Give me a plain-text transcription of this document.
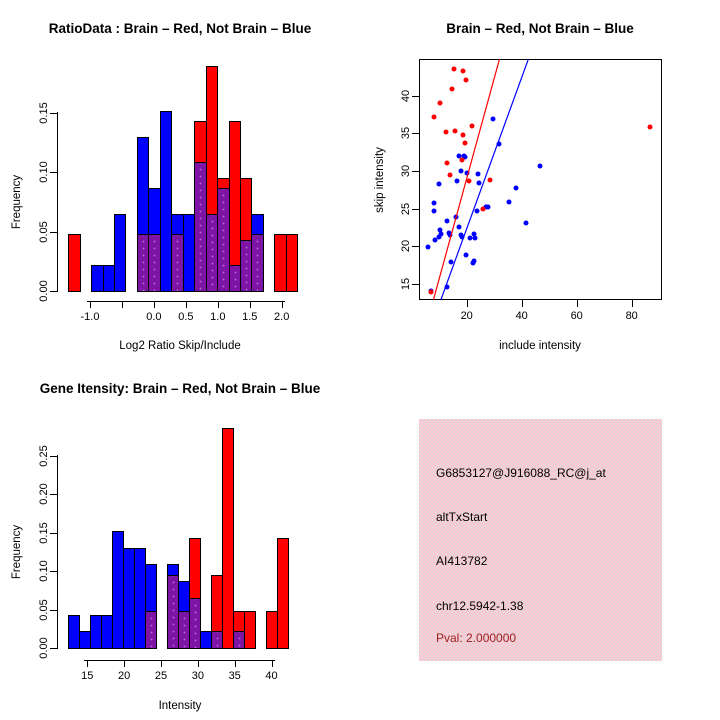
RatioData : Brain – Red, Not Brain – Blue
Frequency
Log2 Ratio Skip/Include
-1.0	0.0 0.5 1.0 1.5 2.0
0.00
0.05
0.10
0.15
Brain – Red, Not Brain – Blue
skip intensity
include intensity
20	40	60	80
15
20
25
30
35
40
Gene Itensity: Brain – Red, Not Brain – Blue
Frequency
Intensity
15 20 25 30 35 40
0.00
0.05
0.10
0.15
0.20
0.25
G6853127@J916088_RC@j_at
altTxStart
AI413782
chr12.5942-1.38
Pval: 2.000000
